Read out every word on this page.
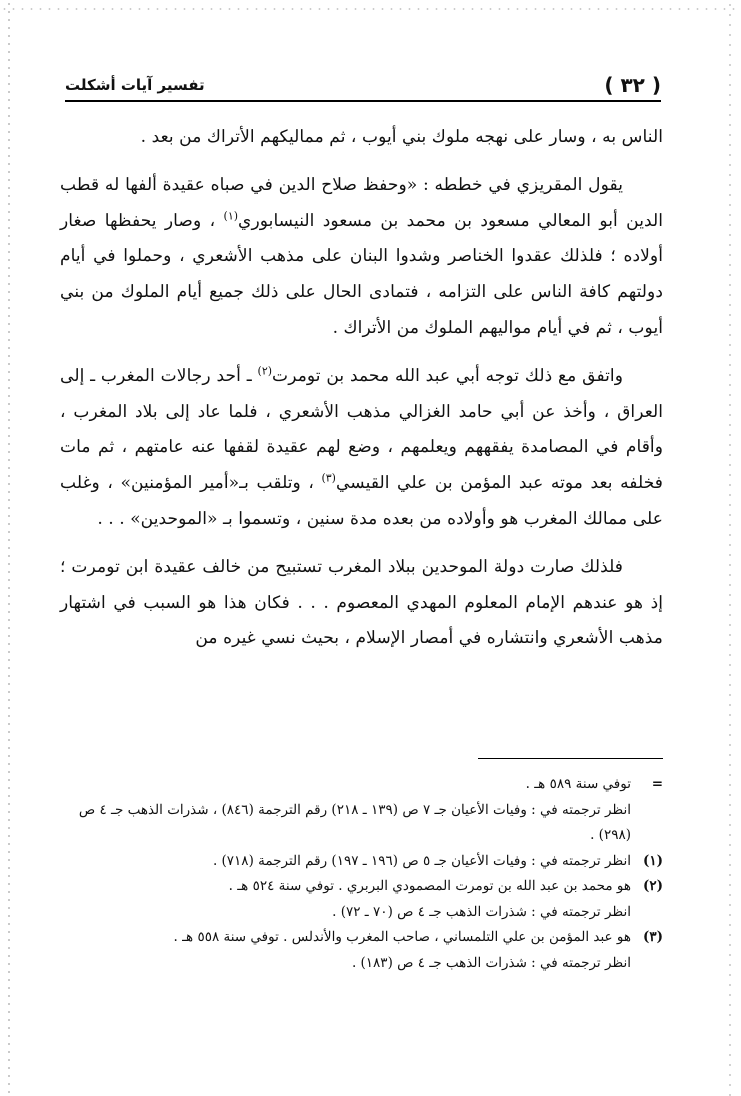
( ٣٢ )
تفسير آيات أشكلت

الناس به ، وسار على نهجه ملوك بني أيوب ، ثم مماليكهم الأتراك من بعد .

يقول المقريزي في خططه : «وحفظ صلاح الدين في صباه عقيدة ألفها له قطب الدين أبو المعالي مسعود بن محمد بن مسعود النيسابوري$^{(١)}$ ، وصار يحفظها صغار أولاده ؛ فلذلك عقدوا الخناصر وشدوا البنان على مذهب الأشعري ، وحملوا في أيام دولتهم كافة الناس على التزامه ، فتمادى الحال على ذلك جميع أيام الملوك من بني أيوب ، ثم في أيام مواليهم الملوك من الأتراك .

واتفق مع ذلك توجه أبي عبد الله محمد بن تومرت$^{(٢)}$ ـ أحد رجالات المغرب ـ إلى العراق ، وأخذ عن أبي حامد الغزالي مذهب الأشعري ، فلما عاد إلى بلاد المغرب ، وأقام في المصامدة يفقههم ويعلمهم ، وضع لهم عقيدة لقفها عنه عامتهم ، ثم مات فخلفه بعد موته عبد المؤمن بن علي القيسي$^{(٣)}$ ، وتلقب بـ«أمير المؤمنين» ، وغلب على ممالك المغرب هو وأولاده من بعده مدة سنين ، وتسموا بـ «الموحدين» . . .

فلذلك صارت دولة الموحدين ببلاد المغرب تستبيح من خالف عقيدة ابن تومرت ؛ إذ هو عندهم الإمام المعلوم المهدي المعصوم . . . فكان هذا هو السبب في اشتهار مذهب الأشعري وانتشاره في أمصار الإسلام ، بحيث نسي غيره من

=
توفي سنة ٥٨٩ هـ .
انظر ترجمته في : وفيات الأعيان جـ ٧ ص (١٣٩ ـ ٢١٨) رقم الترجمة (٨٤٦) ، شذرات الذهب جـ ٤ ص (٢٩٨) .
(١)
انظر ترجمته في : وفيات الأعيان جـ ٥ ص (١٩٦ ـ ١٩٧) رقم الترجمة (٧١٨) .
(٢)
هو محمد بن عبد الله بن تومرت المصمودي البربري . توفي سنة ٥٢٤ هـ .
انظر ترجمته في : شذرات الذهب جـ ٤ ص (٧٠ ـ ٧٢) .
(٣)
هو عبد المؤمن بن علي التلمساني ، صاحب المغرب والأندلس . توفي سنة ٥٥٨ هـ .
انظر ترجمته في : شذرات الذهب جـ ٤ ص (١٨٣) .
